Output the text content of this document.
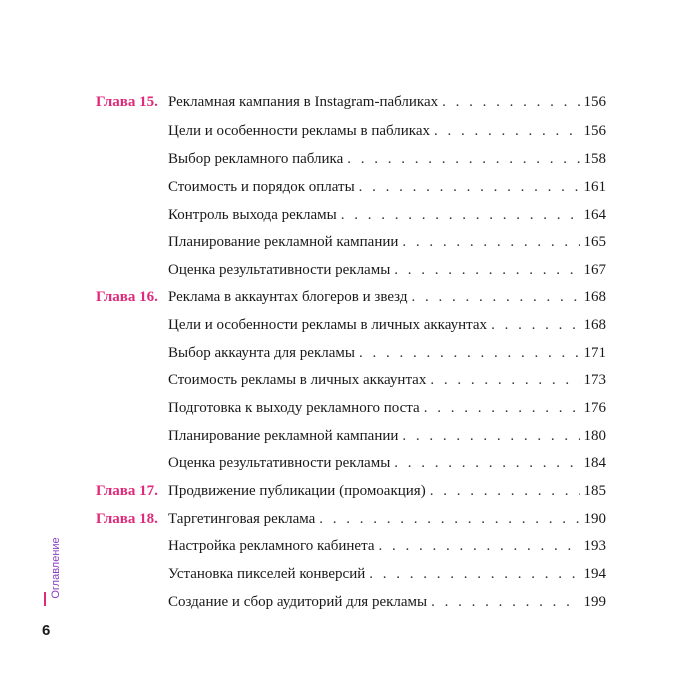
Глава 15. Рекламная кампания в Instagram-пабликах . . .	156
Цели и особенности рекламы в пабликах . . .	156
Выбор рекламного паблика . . .	158
Стоимость и порядок оплаты . . .	161
Контроль выхода рекламы . . .	164
Планирование рекламной кампании . . .	165
Оценка результативности рекламы . . .	167
Глава 16. Реклама в аккаунтах блогеров и звезд . . .	168
Цели и особенности рекламы в личных аккаунтах . . .	168
Выбор аккаунта для рекламы . . .	171
Стоимость рекламы в личных аккаунтах . . .	173
Подготовка к выходу рекламного поста . . .	176
Планирование рекламной кампании . . .	180
Оценка результативности рекламы . . .	184
Глава 17. Продвижение публикации (промоакция) . . .	185
Глава 18. Таргетинговая реклама . . .	190
Настройка рекламного кабинета . . .	193
Установка пикселей конверсий . . .	194
Создание и сбор аудиторий для рекламы . . .	199
Оглавление
6
